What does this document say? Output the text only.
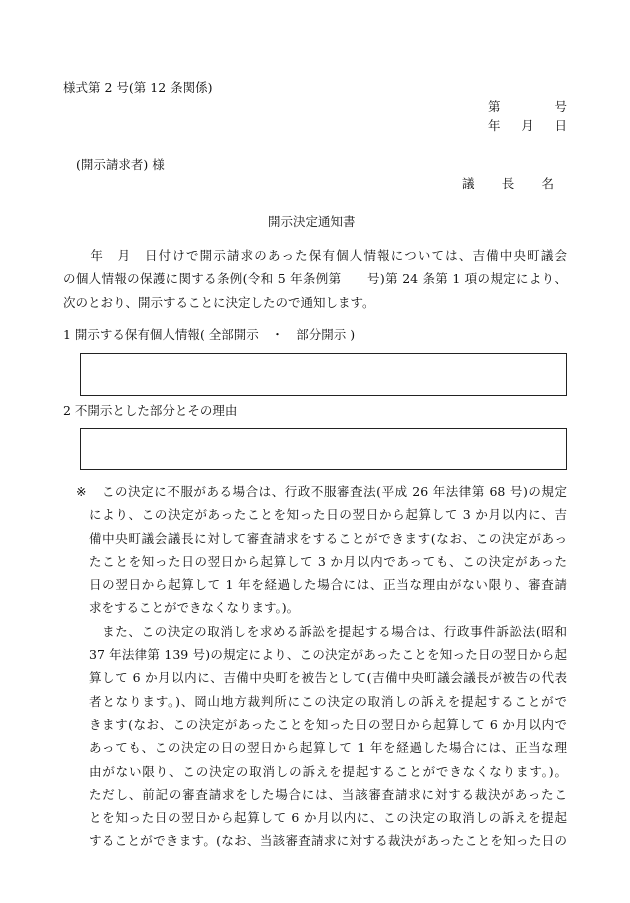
様式第 2 号(第 12 条関係)
第　　　号
年　月　日
(開示請求者) 様
議　長　名
開示決定通知書
　　年　月　日付けで開示請求のあった保有個人情報については、吉備中央町議会
の個人情報の保護に関する条例(令和 5 年条例第　　号)第 24 条第 1 項の規定により、
次のとおり、開示することに決定したので通知します。
1 開示する保有個人情報( 全部開示　・　部分開示 )
2 不開示とした部分とその理由
※ この決定に不服がある場合は、行政不服審査法(平成 26 年法律第 68 号)の規定
により、この決定があったことを知った日の翌日から起算して 3 か月以内に、吉
備中央町議会議長に対して審査請求をすることができます(なお、この決定があっ
たことを知った日の翌日から起算して 3 か月以内であっても、この決定があった
日の翌日から起算して 1 年を経過した場合には、正当な理由がない限り、審査請
求をすることができなくなります。)。
　また、この決定の取消しを求める訴訟を提起する場合は、行政事件訴訟法(昭和
37 年法律第 139 号)の規定により、この決定があったことを知った日の翌日から起
算して 6 か月以内に、吉備中央町を被告として(吉備中央町議会議長が被告の代表
者となります。)、岡山地方裁判所にこの決定の取消しの訴えを提起することがで
きます(なお、この決定があったことを知った日の翌日から起算して 6 か月以内で
あっても、この決定の日の翌日から起算して 1 年を経過した場合には、正当な理
由がない限り、この決定の取消しの訴えを提起することができなくなります。)。
ただし、前記の審査請求をした場合には、当該審査請求に対する裁決があったこ
とを知った日の翌日から起算して 6 か月以内に、この決定の取消しの訴えを提起
することができます。(なお、当該審査請求に対する裁決があったことを知った日の
